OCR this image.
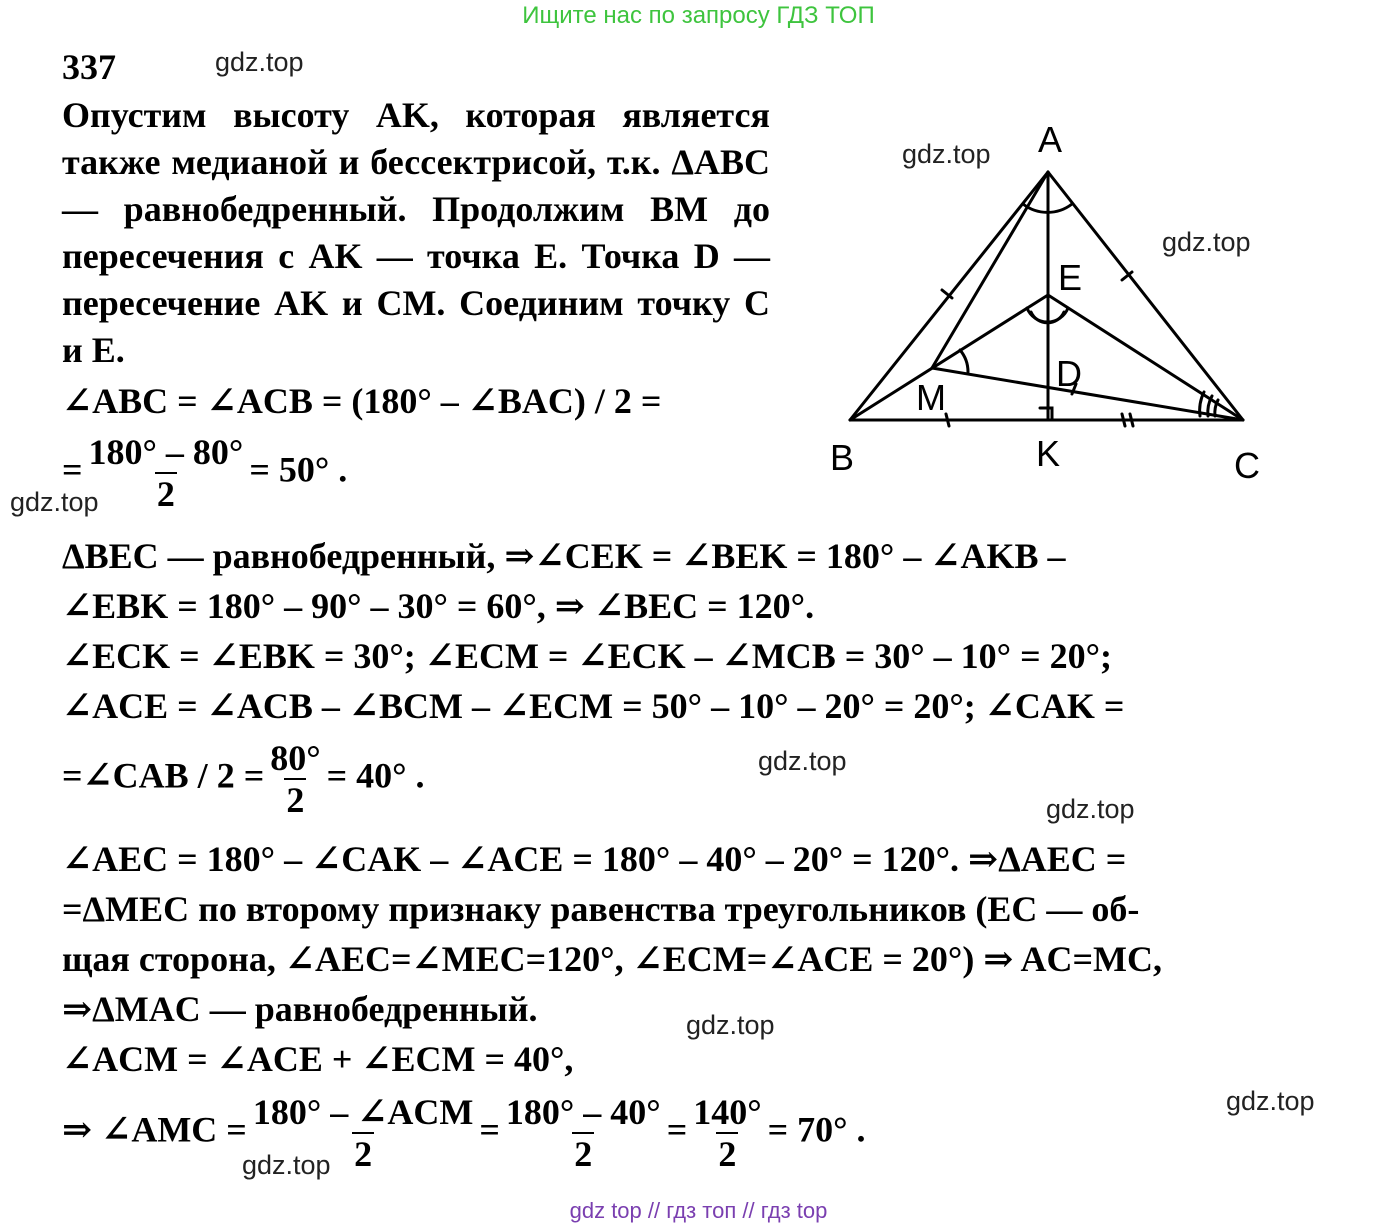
Ищите нас по запросу ГДЗ ТОП
337	gdz.top
gdz.top
gdz.top
gdz.top
gdz.top
gdz.top
gdz.top
gdz.top
gdz.top
Опустим высоту AK, которая является также медианой и бессектрисой, т.к. ΔABC — равнобедренный. Продолжим BM до пересечения с AK — точка E. Точка D — пересечение AK и CM. Соединим точку C и E.
∠ABC = ∠ACB = (180° – ∠BAC) / 2 =
= $\frac{180^\circ - 80^\circ}{2} = 50^\circ$ .
A
B	C
K
M
E
D
ΔBEC — равнобедренный, ⇒∠CEK = ∠BEK = 180° – ∠AKB –
∠EBK = 180° – 90° – 30° = 60°, ⇒ ∠BEC = 120°.
∠ECK = ∠EBK = 30°; ∠ECM = ∠ECK – ∠MCB = 30° – 10° = 20°;
∠ACE = ∠ACB – ∠BCM – ∠ECM = 50° – 10° – 20° = 20°; ∠CAK =
=∠CAB / $2 = \frac{80^\circ}{2} = 40^\circ$ .
∠AEC = 180° – ∠CAK – ∠ACE = 180° – 40° – 20° = 120°. ⇒ΔAEC =
=ΔMEC по второму признаку равенства треугольников (EC — об-
щая сторона, ∠AEC=∠MEC=120°, ∠ECM=∠ACE = 20°) ⇒ AC=MC,
⇒ΔMAC — равнобедренный.
∠ACM = ∠ACE + ∠ECM = 40°,
⇒ ∠AMC = $\frac{\text{180° – ∠ACM}}{2} = \frac{180^\circ - 40^\circ}{2} = \frac{140^\circ}{2} = 70^\circ$ .
gdz top // гдз топ // гдз top
